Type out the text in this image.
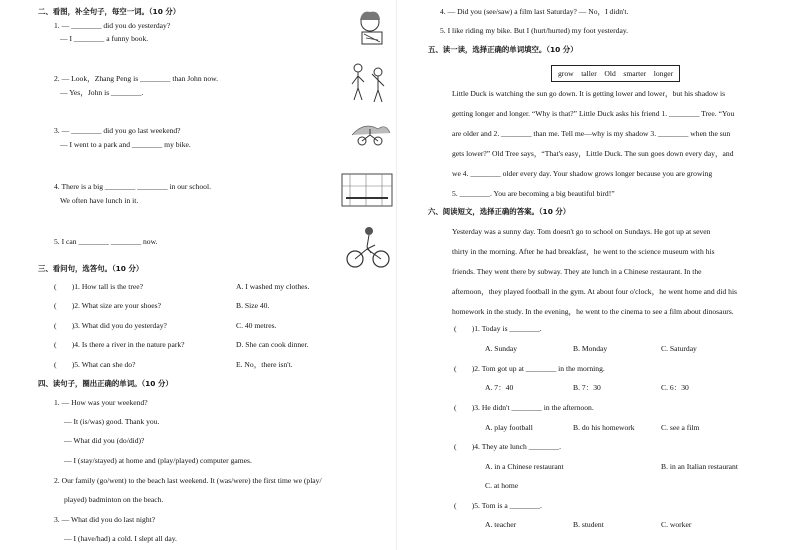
二、看图，补全句子，每空一词。（10 分）
1. — ________ did you do yesterday?
— I ________ a funny book.
2. — Look，Zhang Peng is ________ than John now.
— Yes，John is ________.
3. — ________ did you go last weekend?
— I went to a park and ________ my bike.
4. There is a big ________ ________ in our school.
We often have lunch in it.
5. I can ________ ________ now.
三、看问句，选答句。（10 分）
(　　)1. How tall is the tree?	A. I washed my clothes.
(　　)2. What size are your shoes?	B. Size 40.
(　　)3. What did you do yesterday?	C. 40 metres.
(　　)4. Is there a river in the nature park?	D. She can cook dinner.
(　　)5. What can she do?	E. No，there isn't.
四、读句子，圈出正确的单词。（10 分）
1. — How was your weekend?
— It (is/was) good. Thank you.
— What did you (do/did)?
— I (stay/stayed) at home and (play/played) computer games.
2. Our family (go/went) to the beach last weekend. It (was/were) the first time we (play/
played) badminton on the beach.
3. — What did you do last night?
— I (have/had) a cold. I slept all day.
4. — Did you (see/saw) a film last Saturday? — No，I didn't.
5. I like riding my bike. But I (hurt/hurted) my foot yesterday.
五、读一读，选择正确的单词填空。（10 分）
grow　taller　Old　smarter　longer
Little Duck is watching the sun go down. It is getting lower and lower，but his shadow is
getting longer and longer. “Why is that?” Little Duck asks his friend 1. ________ Tree. “You
are older and 2. ________ than me. Tell me—why is my shadow 3. ________ when the sun
gets lower?” Old Tree says，“That's easy，Little Duck. The sun goes down every day，and
we 4. ________ older every day. Your shadow grows longer because you are growing
5. ________. You are becoming a big beautiful bird!”
六、阅读短文，选择正确的答案。（10 分）
Yesterday was a sunny day. Tom doesn't go to school on Sundays. He got up at seven
thirty in the morning. After he had breakfast，he went to the science museum with his
friends. They went there by subway. They ate lunch in a Chinese restaurant. In the
afternoon，they played football in the gym. At about four o'clock，he went home and did his
homework in the study. In the evening，he went to the cinema to see a film about dinosaurs.
(　　)1. Today is ________.
A. Sunday	B. Monday	C. Saturday
(　　)2. Tom got up at ________ in the morning.
A. 7：40	B. 7：30	C. 6：30
(　　)3. He didn't ________ in the afternoon.
A. play football	B. do his homework	C. see a film
(　　)4. They ate lunch ________.
A. in a Chinese restaurant	B. in an Italian restaurant
C. at home
(　　)5. Tom is a ________.
A. teacher	B. student	C. worker
